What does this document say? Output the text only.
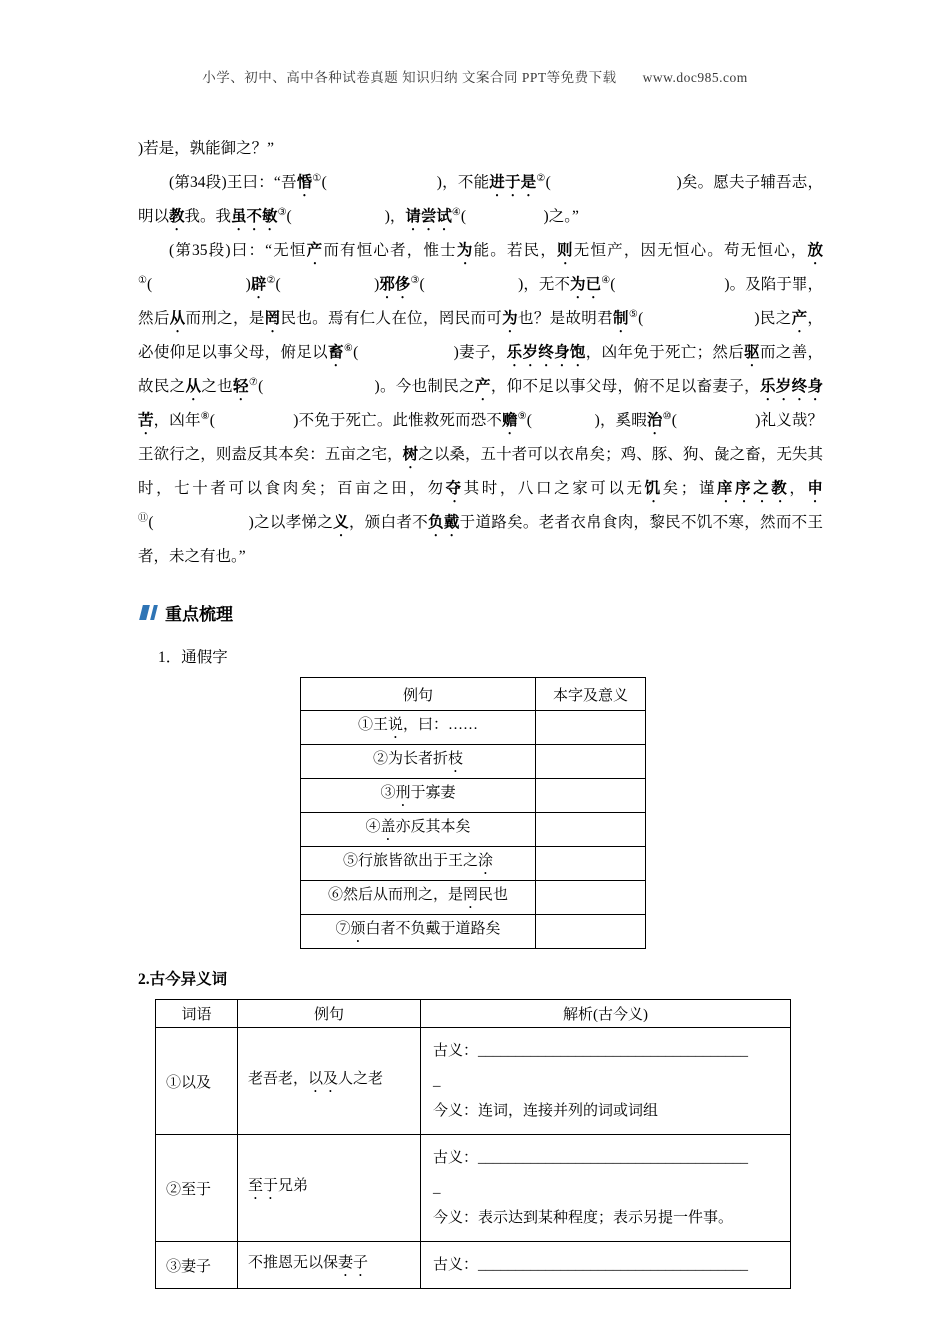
小学、初中、高中各种试卷真题 知识归纳 文案合同 PPT等免费下载 www.doc985.com
)若是，孰能御之？”
(第34段)王曰：“吾惛①(　　　　　　　)，不能进于是②(　　　　　　　　)矣。愿夫子辅吾志，明以教我。我虽不敏③(　　　　　　)，请尝试④(　　　　　)之。”
(第35段)曰：“无恒产而有恒心者，惟士为能。若民，则无恒产，因无恒心。苟无恒心，放①(　　　　　　)辟②(　　　　　　)邪侈③(　　　　　　)，无不为已④(　　　　　　　)。及陷于罪，然后从而刑之，是罔民也。焉有仁人在位，罔民而可为也？是故明君制⑤(　　　　　　　)民之产，必使仰足以事父母，俯足以畜⑥(　　　　　　)妻子，乐岁终身饱，凶年免于死亡；然后驱而之善，故民之从之也轻⑦(　　　　　　　)。今也制民之产，仰不足以事父母，俯不足以畜妻子，乐岁终身苦，凶年⑧(　　　　　)不免于死亡。此惟救死而恐不赡⑨(　　　　)，奚暇治⑩(　　　　　)礼义哉？王欲行之，则盍反其本矣：五亩之宅，树之以桑，五十者可以衣帛矣；鸡、豚、狗、彘之畜，无失其时，七十者可以食肉矣；百亩之田，勿夺其时，八口之家可以无饥矣；谨庠序之教，申⑪(　　　　　　)之以孝悌之义，颁白者不负戴于道路矣。老者衣帛食肉，黎民不饥不寒，然而不王者，未之有也。”
重点梳理
1．通假字
例句	本字及意义
①王说，曰：……	
②为长者折枝	
③刑于寡妻	
④盖亦反其本矣	
⑤行旅皆欲出于王之涂	
⑥然后从而刑之，是罔民也	
⑦颁白者不负戴于道路矣	
2.古今异义词
词语	例句	解析(古今义)
①以及	老吾老，以及人之老	古义：____________________________________
_
今义：连词，连接并列的词或词组

②至于	至于兄弟	古义：____________________________________
_
今义：表示达到某种程度；表示另提一件事。

③妻子	不推恩无以保妻子	古义：____________________________________
